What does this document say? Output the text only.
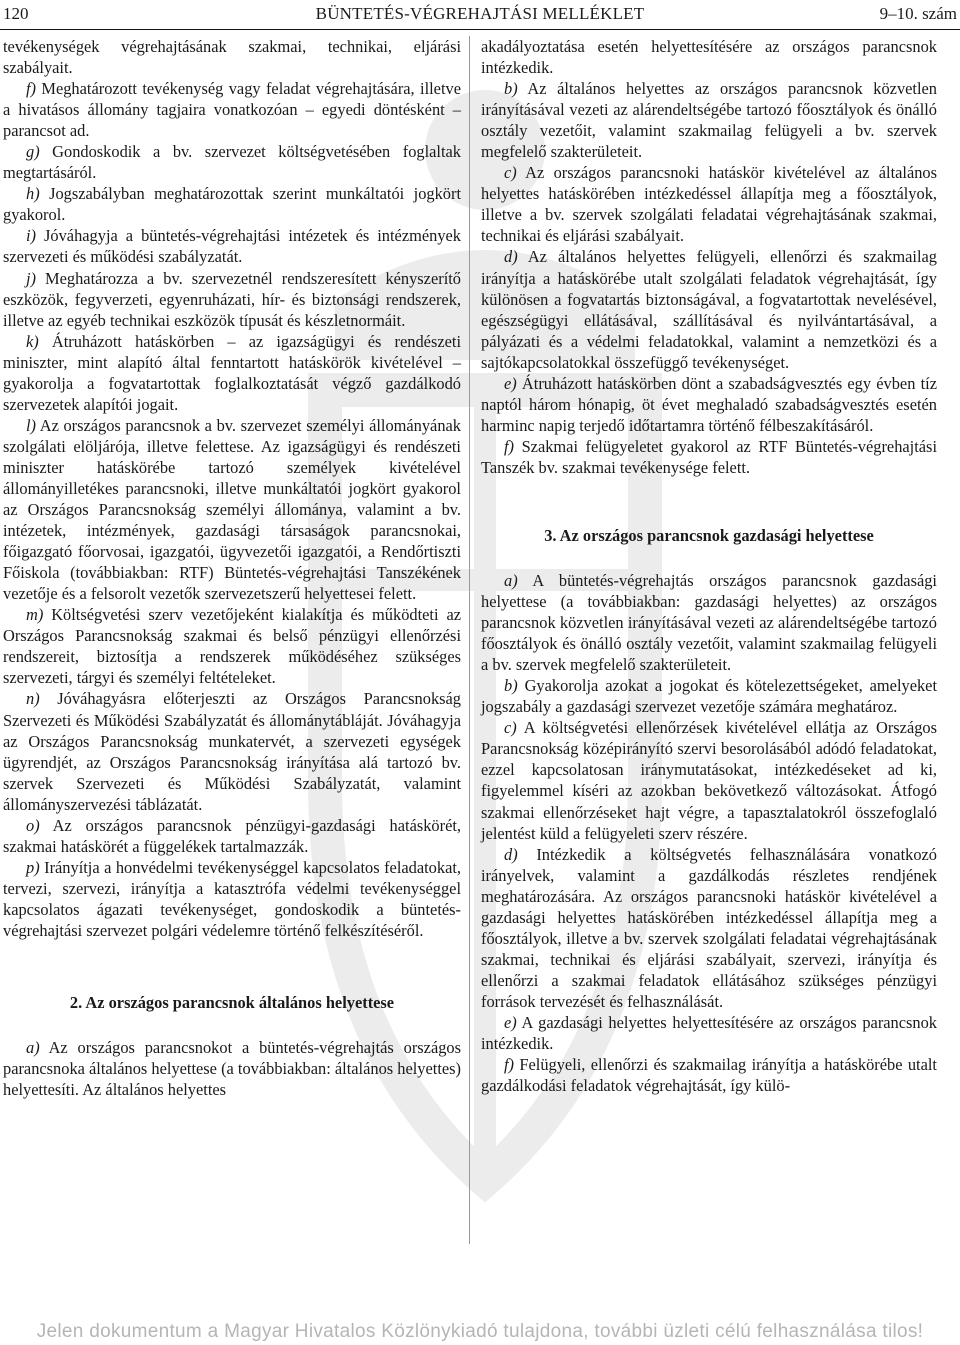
120	BÜNTETÉS-VÉGREHAJTÁSI MELLÉKLET	9–10. szám

tevékenységek végrehajtásának szakmai, technikai, eljárási szabályait.

f) Meghatározott tevékenység vagy feladat végrehajtására, illetve a hivatásos állomány tagjaira vonatkozóan – egyedi döntésként – parancsot ad.

g) Gondoskodik a bv. szervezet költségvetésében foglaltak megtartásáról.

h) Jogszabályban meghatározottak szerint munkáltatói jogkört gyakorol.

i) Jóváhagyja a büntetés-végrehajtási intézetek és intézmények szervezeti és működési szabályzatát.

j) Meghatározza a bv. szervezetnél rendszeresített kényszerítő eszközök, fegyverzeti, egyenruházati, hír- és biztonsági rendszerek, illetve az egyéb technikai eszközök típusát és készletnormáit.

k) Átruházott hatáskörben – az igazságügyi és rendészeti miniszter, mint alapító által fenntartott hatáskörök kivételével – gyakorolja a fogvatartottak foglalkoztatását végző gazdálkodó szervezetek alapítói jogait.

l) Az országos parancsnok a bv. szervezet személyi állományának szolgálati elöljárója, illetve felettese. Az igazságügyi és rendészeti miniszter hatáskörébe tartozó személyek kivételével állományilletékes parancsnoki, illetve munkáltatói jogkört gyakorol az Országos Parancsnokság személyi állománya, valamint a bv. intézetek, intézmények, gazdasági társaságok parancsnokai, főigazgató főorvosai, igazgatói, ügyvezetői igazgatói, a Rendőrtiszti Főiskola (továbbiakban: RTF) Büntetés-végrehajtási Tanszékének vezetője és a felsorolt vezetők szervezetszerű helyettesei felett.

m) Költségvetési szerv vezetőjeként kialakítja és működteti az Országos Parancsnokság szakmai és belső pénzügyi ellenőrzési rendszereit, biztosítja a rendszerek működéséhez szükséges szervezeti, tárgyi és személyi feltételeket.

n) Jóváhagyásra előterjeszti az Országos Parancsnokság Szervezeti és Működési Szabályzatát és állománytábláját. Jóváhagyja az Országos Parancsnokság munkatervét, a szervezeti egységek ügyrendjét, az Országos Parancsnokság irányítása alá tartozó bv. szervek Szervezeti és Működési Szabályzatát, valamint állományszervezési táblázatát.

o) Az országos parancsnok pénzügyi-gazdasági hatáskörét, szakmai hatáskörét a függelékek tartalmazzák.

p) Irányítja a honvédelmi tevékenységgel kapcsolatos feladatokat, tervezi, szervezi, irányítja a katasztrófa védelmi tevékenységgel kapcsolatos ágazati tevékenységet, gondoskodik a büntetés-végrehajtási szervezet polgári védelemre történő felkészítéséről.

2. Az országos parancsnok általános helyettese

a) Az országos parancsnokot a büntetés-végrehajtás országos parancsnoka általános helyettese (a továbbiakban: általános helyettes) helyettesíti. Az általános helyettes

akadályoztatása esetén helyettesítésére az országos parancsnok intézkedik.

b) Az általános helyettes az országos parancsnok közvetlen irányításával vezeti az alárendeltségébe tartozó főosztályok és önálló osztály vezetőit, valamint szakmailag felügyeli a bv. szervek megfelelő szakterületeit.

c) Az országos parancsnoki hatáskör kivételével az általános helyettes hatáskörében intézkedéssel állapítja meg a főosztályok, illetve a bv. szervek szolgálati feladatai végrehajtásának szakmai, technikai és eljárási szabályait.

d) Az általános helyettes felügyeli, ellenőrzi és szakmailag irányítja a hatáskörébe utalt szolgálati feladatok végrehajtását, így különösen a fogvatartás biztonságával, a fogvatartottak nevelésével, egészségügyi ellátásával, szállításával és nyilvántartásával, a pályázati és a védelmi feladatokkal, valamint a nemzetközi és a sajtókapcsolatokkal összefüggő tevékenységet.

e) Átruházott hatáskörben dönt a szabadságvesztés egy évben tíz naptól három hónapig, öt évet meghaladó szabadságvesztés esetén harminc napig terjedő időtartamra történő félbeszakításáról.

f) Szakmai felügyeletet gyakorol az RTF Büntetés-végrehajtási Tanszék bv. szakmai tevékenysége felett.

3. Az országos parancsnok gazdasági helyettese

a) A büntetés-végrehajtás országos parancsnok gazdasági helyettese (a továbbiakban: gazdasági helyettes) az országos parancsnok közvetlen irányításával vezeti az alárendeltségébe tartozó főosztályok és önálló osztály vezetőit, valamint szakmailag felügyeli a bv. szervek megfelelő szakterületeit.

b) Gyakorolja azokat a jogokat és kötelezettségeket, amelyeket jogszabály a gazdasági szervezet vezetője számára meghatároz.

c) A költségvetési ellenőrzések kivételével ellátja az Országos Parancsnokság középirányító szervi besorolásából adódó feladatokat, ezzel kapcsolatosan iránymutatásokat, intézkedéseket ad ki, figyelemmel kíséri az azokban bekövetkező változásokat. Átfogó szakmai ellenőrzéseket hajt végre, a tapasztalatokról összefoglaló jelentést küld a felügyeleti szerv részére.

d) Intézkedik a költségvetés felhasználására vonatkozó irányelvek, valamint a gazdálkodás részletes rendjének meghatározására. Az országos parancsnoki hatáskör kivételével a gazdasági helyettes hatáskörében intézkedéssel állapítja meg a főosztályok, illetve a bv. szervek szolgálati feladatai végrehajtásának szakmai, technikai és eljárási szabályait, szervezi, irányítja és ellenőrzi a szakmai feladatok ellátásához szükséges pénzügyi források tervezését és felhasználását.

e) A gazdasági helyettes helyettesítésére az országos parancsnok intézkedik.

f) Felügyeli, ellenőrzi és szakmailag irányítja a hatáskörébe utalt gazdálkodási feladatok végrehajtását, így külö-

Jelen dokumentum a Magyar Hivatalos Közlönykiadó tulajdona, további üzleti célú felhasználása tilos!
